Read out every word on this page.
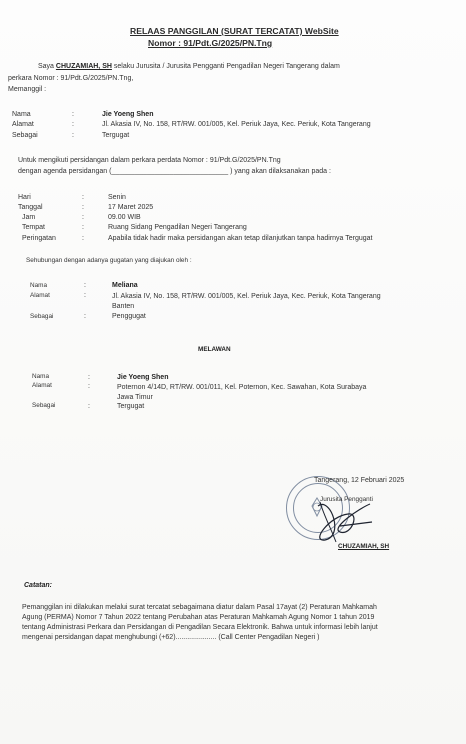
RELAAS PANGGILAN (SURAT TERCATAT) WebSite
Nomor : 91/Pdt.G/2025/PN.Tng
Saya CHUZAMIAH, SH selaku Jurusita / Jurusita Pengganti Pengadilan Negeri Tangerang dalam
perkara Nomor : 91/Pdt.G/2025/PN.Tng,
Memanggil :
Nama	:	Jie Yoeng Shen
Alamat	:	Jl. Akasia IV, No. 158, RT/RW. 001/005, Kel. Periuk Jaya, Kec. Periuk, Kota Tangerang
Sebagai	:	Tergugat
Untuk mengikuti persidangan dalam perkara perdata Nomor : 91/Pdt.G/2025/PN.Tng
dengan agenda persidangan (______________________________ ) yang akan dilaksanakan pada :
Hari	:	Senin
Tanggal	:	17 Maret 2025
Jam	:	09.00 WIB
Tempat	:	Ruang Sidang Pengadilan Negeri Tangerang
Peringatan	:	Apabila tidak hadir maka persidangan akan tetap dilanjutkan tanpa hadirnya Tergugat
Sehubungan dengan adanya gugatan yang diajukan oleh :
Nama	:	Meliana
Alamat	:	Jl. Akasia IV, No. 158, RT/RW. 001/005, Kel. Periuk Jaya, Kec. Periuk, Kota Tangerang
Banten
Sebagai	:	Penggugat
MELAWAN
Nama	:	Jie Yoeng Shen
Alamat	:	Poternon 4/14D, RT/RW. 001/011, Kel. Poternon, Kec. Sawahan, Kota Surabaya
Jawa Timur
Sebagai	:	Tergugat
Tangerang, 12 Februari 2025
Jurusita Pengganti
CHUZAMIAH, SH
Catatan:
Pemanggilan ini dilakukan melalui surat tercatat sebagaimana diatur dalam Pasal 17ayat (2) Peraturan Mahkamah
Agung (PERMA) Nomor 7 Tahun 2022 tentang Perubahan atas Peraturan Mahkamah Agung Nomor 1 tahun 2019
tentang Administrasi Perkara dan Persidangan di Pengadilan Secara Elektronik. Bahwa untuk informasi lebih lanjut
mengenai persidangan dapat menghubungi (+62)..................... (Call Center Pengadilan Negeri )
